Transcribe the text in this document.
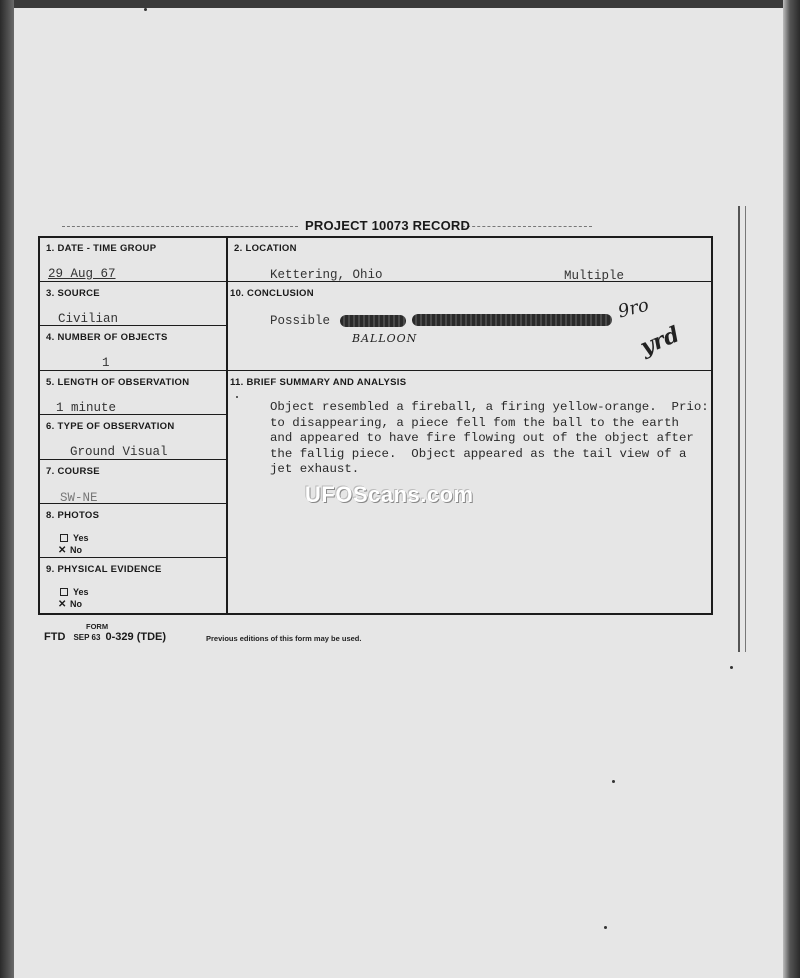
PROJECT 10073 RECORD
1. DATE - TIME GROUP
29 Aug 67
2. LOCATION
Kettering, Ohio	Multiple
3. SOURCE
Civilian
10. CONCLUSION
Possible
BALLOON
9ro
yrd
4. NUMBER OF OBJECTS
1
5. LENGTH OF OBSERVATION
1 minute
11. BRIEF SUMMARY AND ANALYSIS
Object resembled a fireball, a firing yellow-orange.  Prio:
to disappearing, a piece fell fom the ball to the earth
and appeared to have fire flowing out of the object after
the fallig piece.  Object appeared as the tail view of a
jet exhaust.
6. TYPE OF OBSERVATION
Ground Visual
7. COURSE
SW-NE
8. PHOTOS
Yes
✕ No
9. PHYSICAL EVIDENCE
Yes
✕ No
UFOScans.com
FORM
FTD SEP 63 0-329 (TDE)	Previous editions of this form may be used.
